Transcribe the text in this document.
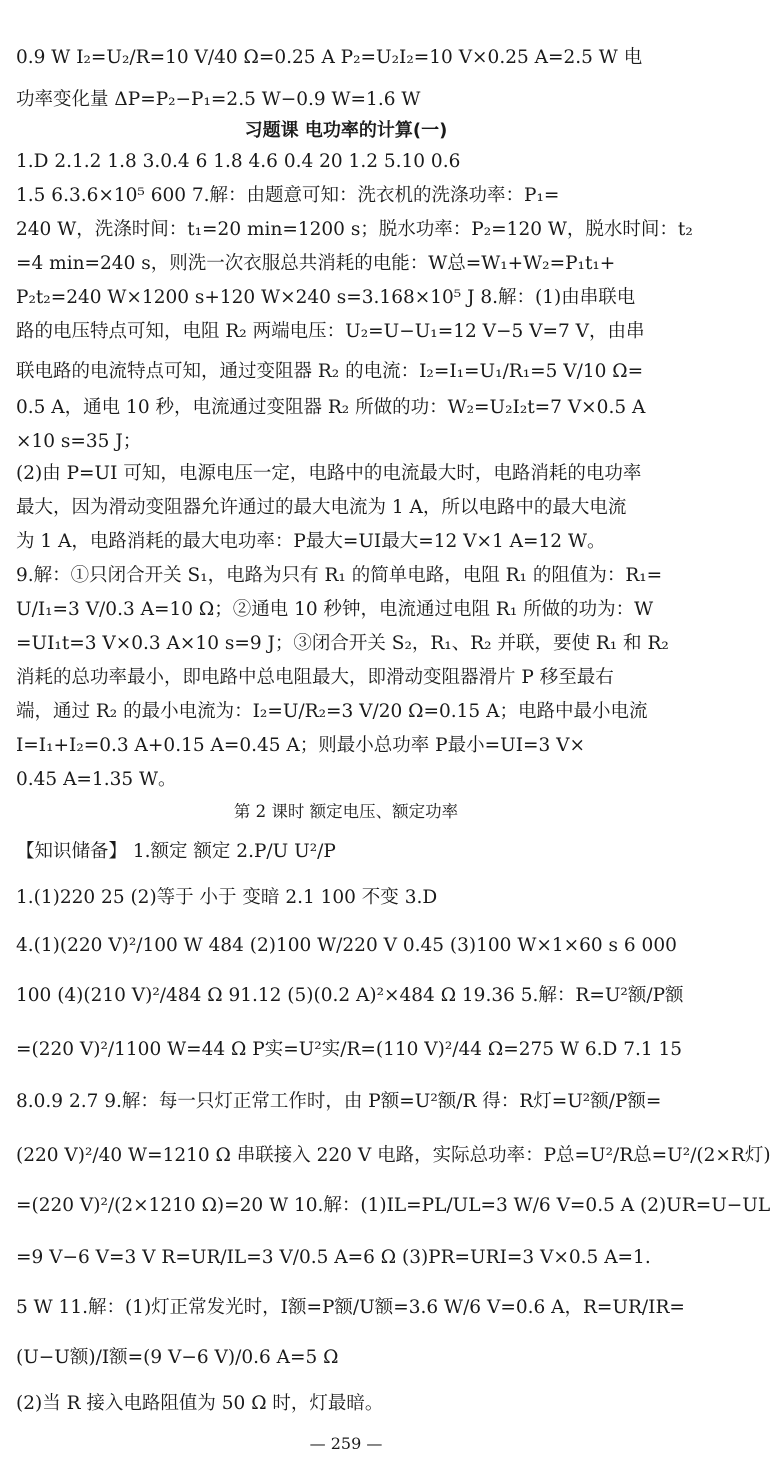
0.9 W I₂=U₂/R=10 V/40 Ω=0.25 A P₂=U₂I₂=10 V×0.25 A=2.5 W 电
功率变化量 ΔP=P₂−P₁=2.5 W−0.9 W=1.6 W
习题课 电功率的计算(一)
1.D 2.1.2 1.8 3.0.4 6 1.8 4.6 0.4 20 1.2 5.10 0.6
1.5 6.3.6×10⁵ 600 7.解：由题意可知：洗衣机的洗涤功率：P₁=
240 W，洗涤时间：t₁=20 min=1200 s；脱水功率：P₂=120 W，脱水时间：t₂
=4 min=240 s，则洗一次衣服总共消耗的电能：W总=W₁+W₂=P₁t₁+
P₂t₂=240 W×1200 s+120 W×240 s=3.168×10⁵ J 8.解：(1)由串联电
路的电压特点可知，电阻 R₂ 两端电压：U₂=U−U₁=12 V−5 V=7 V，由串
联电路的电流特点可知，通过变阻器 R₂ 的电流：I₂=I₁=U₁/R₁=5 V/10 Ω=
0.5 A，通电 10 秒，电流通过变阻器 R₂ 所做的功：W₂=U₂I₂t=7 V×0.5 A
×10 s=35 J；
(2)由 P=UI 可知，电源电压一定，电路中的电流最大时，电路消耗的电功率
最大，因为滑动变阻器允许通过的最大电流为 1 A，所以电路中的最大电流
为 1 A，电路消耗的最大电功率：P最大=UI最大=12 V×1 A=12 W。
9.解：①只闭合开关 S₁，电路为只有 R₁ 的简单电路，电阻 R₁ 的阻值为：R₁=
U/I₁=3 V/0.3 A=10 Ω；②通电 10 秒钟，电流通过电阻 R₁ 所做的功为：W
=UI₁t=3 V×0.3 A×10 s=9 J；③闭合开关 S₂，R₁、R₂ 并联，要使 R₁ 和 R₂
消耗的总功率最小，即电路中总电阻最大，即滑动变阻器滑片 P 移至最右
端，通过 R₂ 的最小电流为：I₂=U/R₂=3 V/20 Ω=0.15 A；电路中最小电流
I=I₁+I₂=0.3 A+0.15 A=0.45 A；则最小总功率 P最小=UI=3 V×
0.45 A=1.35 W。
第 2 课时 额定电压、额定功率
【知识储备】 1.额定 额定 2.P/U U²/P
1.(1)220 25 (2)等于 小于 变暗 2.1 100 不变 3.D
4.(1)(220 V)²/100 W 484 (2)100 W/220 V 0.45 (3)100 W×1×60 s 6 000
100 (4)(210 V)²/484 Ω 91.12 (5)(0.2 A)²×484 Ω 19.36 5.解：R=U²额/P额
=(220 V)²/1100 W=44 Ω P实=U²实/R=(110 V)²/44 Ω=275 W 6.D 7.1 15
8.0.9 2.7 9.解：每一只灯正常工作时，由 P额=U²额/R 得：R灯=U²额/P额=
(220 V)²/40 W=1210 Ω 串联接入 220 V 电路，实际总功率：P总=U²/R总=U²/(2×R灯)
=(220 V)²/(2×1210 Ω)=20 W 10.解：(1)IL=PL/UL=3 W/6 V=0.5 A (2)UR=U−UL
=9 V−6 V=3 V R=UR/IL=3 V/0.5 A=6 Ω (3)PR=URI=3 V×0.5 A=1.
5 W 11.解：(1)灯正常发光时，I额=P额/U额=3.6 W/6 V=0.6 A，R=UR/IR=
(U−U额)/I额=(9 V−6 V)/0.6 A=5 Ω
(2)当 R 接入电路阻值为 50 Ω 时，灯最暗。
— 259 —
